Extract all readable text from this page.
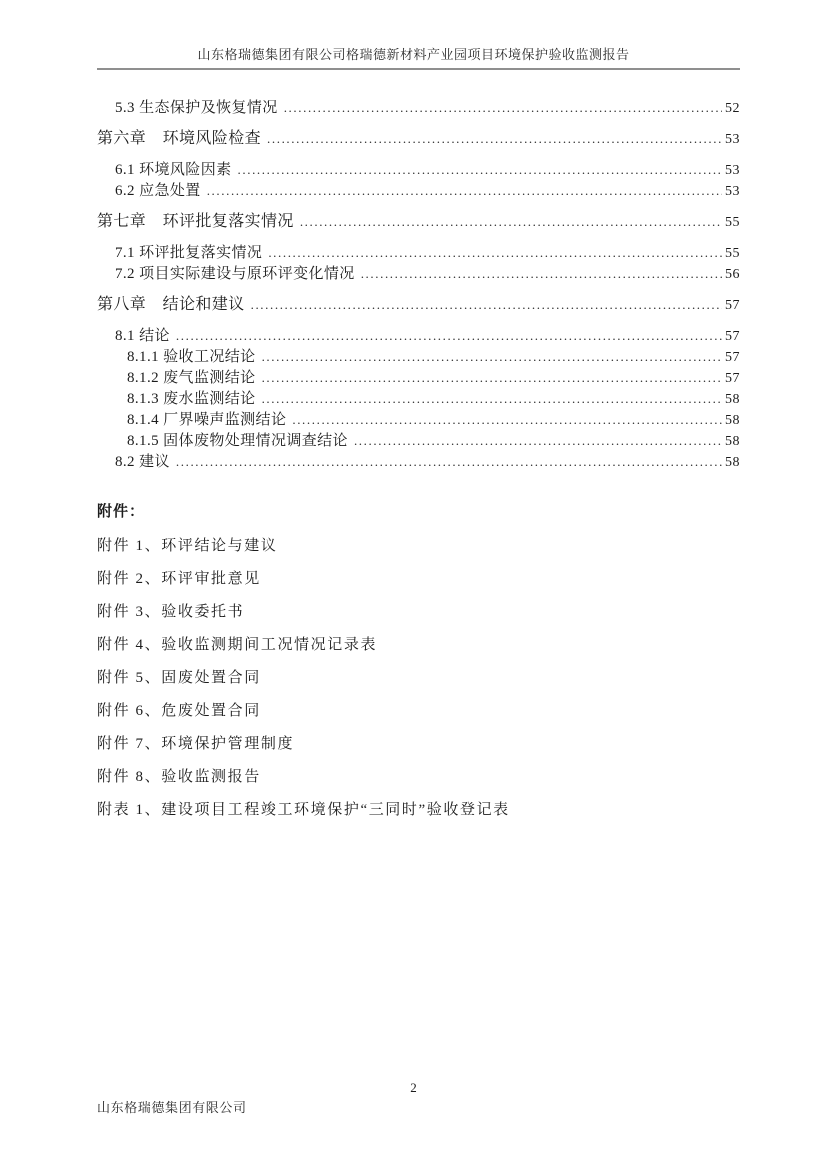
山东格瑞德集团有限公司格瑞德新材料产业园项目环境保护验收监测报告
5.3 生态保护及恢复情况 .....	52
第六章　环境风险检查 .....	53
6.1 环境风险因素 .....	53
6.2 应急处置 .....	53
第七章　环评批复落实情况 .....	55
7.1 环评批复落实情况 .....	55
7.2 项目实际建设与原环评变化情况 .....	56
第八章　结论和建议 .....	57
8.1 结论 .....	57
8.1.1 验收工况结论 .....	57
8.1.2 废气监测结论 .....	57
8.1.3 废水监测结论 .....	58
8.1.4 厂界噪声监测结论 .....	58
8.1.5 固体废物处理情况调查结论 .....	58
8.2 建议 .....	58
附件：
附件 1、环评结论与建议
附件 2、环评审批意见
附件 3、验收委托书
附件 4、验收监测期间工况情况记录表
附件 5、固废处置合同
附件 6、危废处置合同
附件 7、环境保护管理制度
附件 8、验收监测报告
附表 1、建设项目工程竣工环境保护“三同时”验收登记表
2
山东格瑞德集团有限公司
